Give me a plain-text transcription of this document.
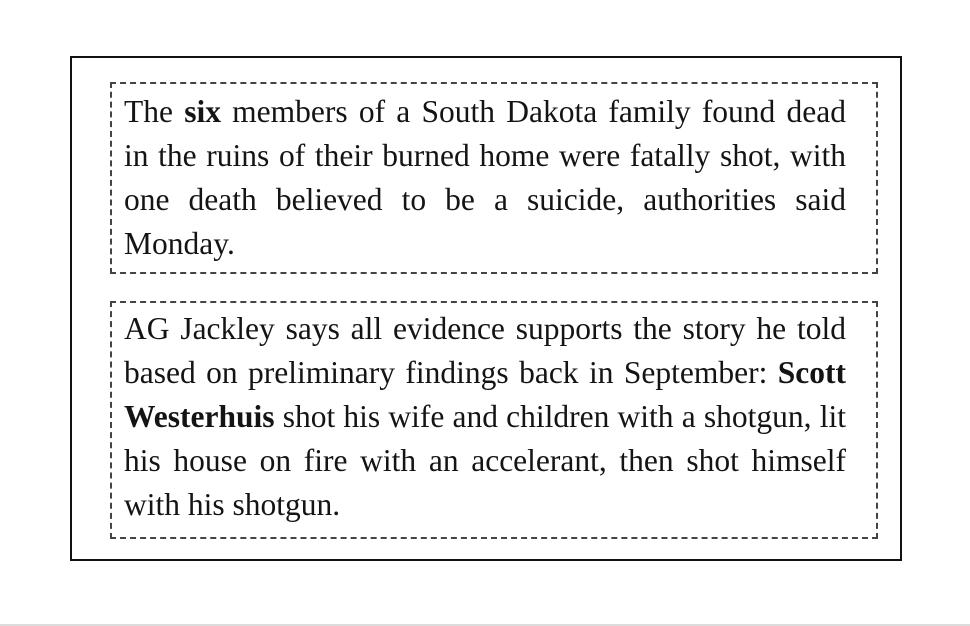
The six members of a South Dakota family found dead in the ruins of their burned home were fatally shot, with one death believed to be a suicide, authorities said Monday.

AG Jackley says all evidence supports the story he told based on preliminary findings back in September: Scott Westerhuis shot his wife and children with a shotgun, lit his house on fire with an accelerant, then shot himself with his shotgun.
